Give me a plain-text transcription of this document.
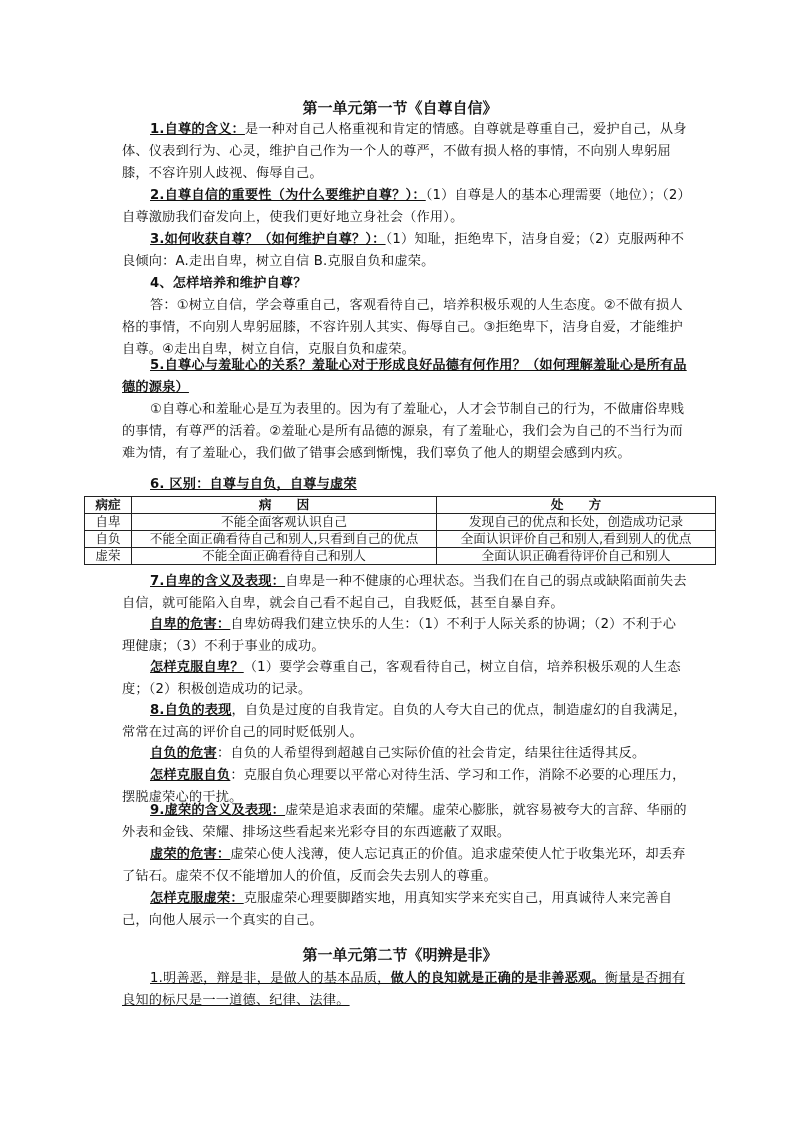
第一单元第一节《自尊自信》

1.自尊的含义：是一种对自己人格重视和肯定的情感。自尊就是尊重自己，爱护自己，从身体、仪表到行为、心灵，维护自己作为一个人的尊严，不做有损人格的事情，不向别人卑躬屈膝，不容许别人歧视、侮辱自己。

2.自尊自信的重要性（为什么要维护自尊？）：（1）自尊是人的基本心理需要（地位）；（2）自尊激励我们奋发向上，使我们更好地立身社会（作用）。

3.如何收获自尊？（如何维护自尊？）：（1）知耻，拒绝卑下，洁身自爱；（2）克服两种不良倾向：A.走出自卑，树立自信 B.克服自负和虚荣。

4、怎样培养和维护自尊？

答：①树立自信，学会尊重自己，客观看待自己，培养积极乐观的人生态度。②不做有损人格的事情，不向别人卑躬屈膝，不容许别人其实、侮辱自己。③拒绝卑下，洁身自爱，才能维护自尊。④走出自卑，树立自信，克服自负和虚荣。

5.自尊心与羞耻心的关系？羞耻心对于形成良好品德有何作用？（如何理解羞耻心是所有品德的源泉）

①自尊心和羞耻心是互为表里的。因为有了羞耻心，人才会节制自己的行为，不做庸俗卑贱的事情，有尊严的活着。②羞耻心是所有品德的源泉，有了羞耻心，我们会为自己的不当行为而难为情，有了羞耻心，我们做了错事会感到惭愧，我们辜负了他人的期望会感到内疚。

6. 区别：自尊与自负，自尊与虚荣

病症	病　　因	处　　方
自卑	不能全面客观认识自己	发现自己的优点和长处，创造成功记录
自负	不能全面正确看待自己和别人,只看到自己的优点	全面认识评价自己和别人,看到别人的优点
虚荣	不能全面正确看待自己和别人	全面认识正确看待评价自己和别人

7.自卑的含义及表现：自卑是一种不健康的心理状态。当我们在自己的弱点或缺陷面前失去自信，就可能陷入自卑，就会自己看不起自己，自我贬低，甚至自暴自弃。

自卑的危害：自卑妨碍我们建立快乐的人生：（1）不利于人际关系的协调；（2）不利于心理健康；（3）不利于事业的成功。

怎样克服自卑？（1）要学会尊重自己，客观看待自己，树立自信，培养积极乐观的人生态度；（2）积极创造成功的记录。

8.自负的表现，自负是过度的自我肯定。自负的人夸大自己的优点，制造虚幻的自我满足，常常在过高的评价自己的同时贬低别人。

自负的危害：自负的人希望得到超越自己实际价值的社会肯定，结果往往适得其反。

怎样克服自负：克服自负心理要以平常心对待生活、学习和工作，消除不必要的心理压力，摆脱虚荣心的干扰。

9.虚荣的含义及表现：虚荣是追求表面的荣耀。虚荣心膨胀，就容易被夸大的言辞、华丽的外表和金钱、荣耀、排场这些看起来光彩夺目的东西遮蔽了双眼。

虚荣的危害：虚荣心使人浅薄，使人忘记真正的价值。追求虚荣使人忙于收集光环，却丢弃了钻石。虚荣不仅不能增加人的价值，反而会失去别人的尊重。

怎样克服虚荣：克服虚荣心理要脚踏实地，用真知实学来充实自己，用真诚待人来完善自己，向他人展示一个真实的自己。

第一单元第二节《明辨是非》

1.明善恶，辩是非，是做人的基本品质，做人的良知就是正确的是非善恶观。衡量是否拥有良知的标尺是一一道德、纪律、法律。
